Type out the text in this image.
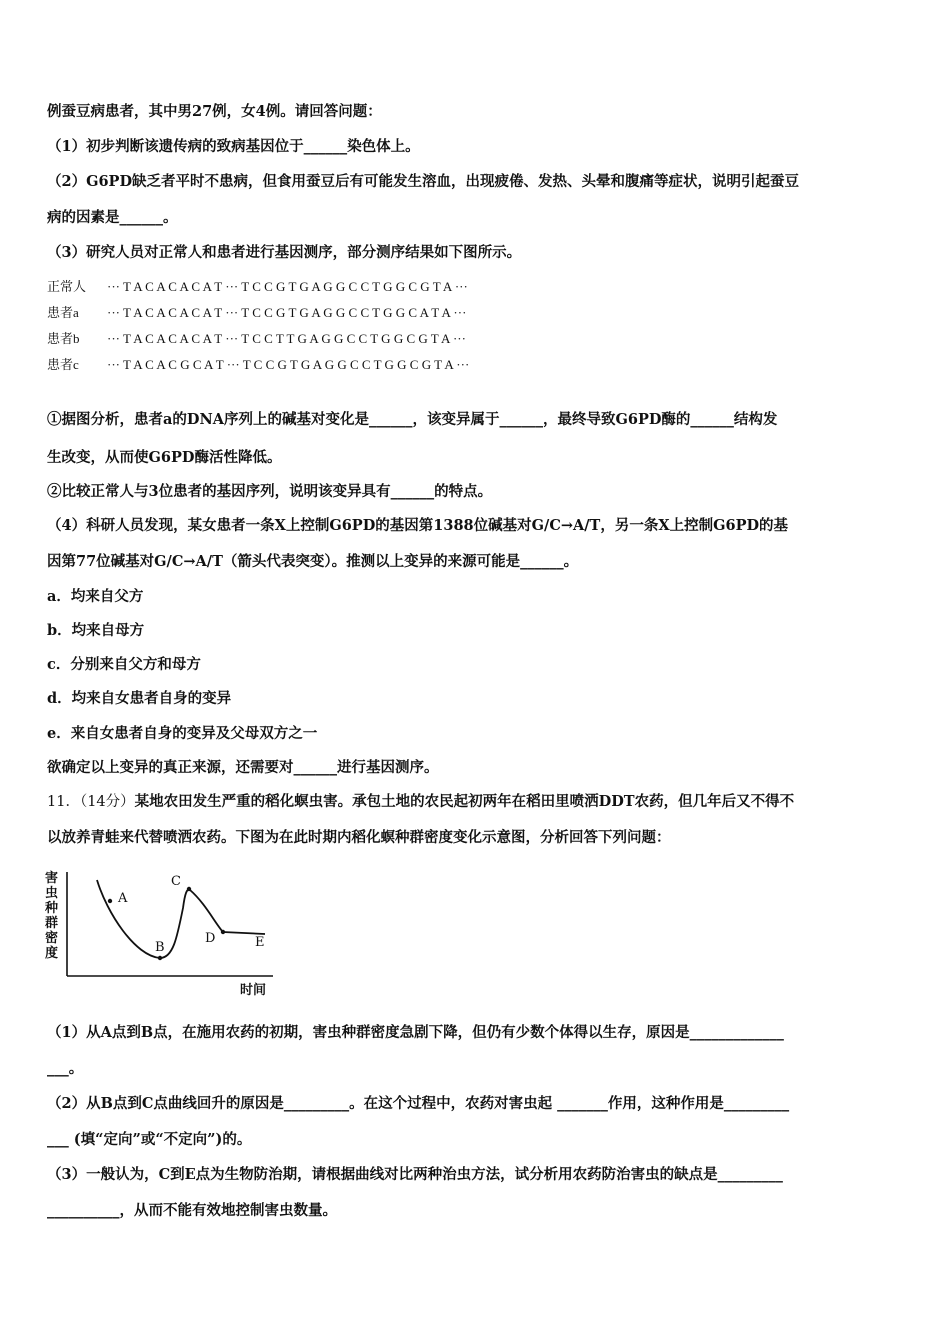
例蚕豆病患者，其中男27例，女4例。请回答问题：
（1）初步判断该遗传病的致病基因位于______染色体上。
（2）G6PD缺乏者平时不患病，但食用蚕豆后有可能发生溶血，出现疲倦、发热、头晕和腹痛等症状，说明引起蚕豆
病的因素是______。
（3）研究人员对正常人和患者进行基因测序，部分测序结果如下图所示。
正常人 ··· T A C A C A C A T ··· T C C G T G A G G C C T G G C G T A ···
患者a ··· T A C A C A C A T ··· T C C G T G A G G C C T G G C A T A ···
患者b ··· T A C A C A C A T ··· T C C T T G A G G C C T G G C G T A ···
患者c ··· T A C A C G C A T ··· T C C G T G A G G C C T G G C G T A ···
①据图分析，患者a的DNA序列上的碱基对变化是______，该变异属于______，最终导致G6PD酶的______结构发
生改变，从而使G6PD酶活性降低。
②比较正常人与3位患者的基因序列，说明该变异具有______的特点。
（4）科研人员发现，某女患者一条X上控制G6PD的基因第1388位碱基对G/C→A/T，另一条X上控制G6PD的基
因第77位碱基对G/C→A/T（箭头代表突变）。推测以上变异的来源可能是______。
a．均来自父方
b．均来自母方
c．分别来自父方和母方
d．均来自女患者自身的变异
e．来自女患者自身的变异及父母双方之一
欲确定以上变异的真正来源，还需要对______进行基因测序。
11．（14分）某地农田发生严重的稻化螟虫害。承包土地的农民起初两年在稻田里喷洒DDT农药，但几年后又不得不
以放养青蛙来代替喷洒农药。下图为在此时期内稻化螟种群密度变化示意图，分析回答下列问题：
害
虫
种
群
密
度
A
B
C
D	E
时间
（1）从A点到B点，在施用农药的初期，害虫种群密度急剧下降，但仍有少数个体得以生存，原因是_____________
___。
（2）从B点到C点曲线回升的原因是_________。在这个过程中，农药对害虫起 _______作用，这种作用是_________
___ (填“定向”或“不定向”)的。
（3）一般认为，C到E点为生物防治期，请根据曲线对比两种治虫方法，试分析用农药防治害虫的缺点是_________
__________，从而不能有效地控制害虫数量。
